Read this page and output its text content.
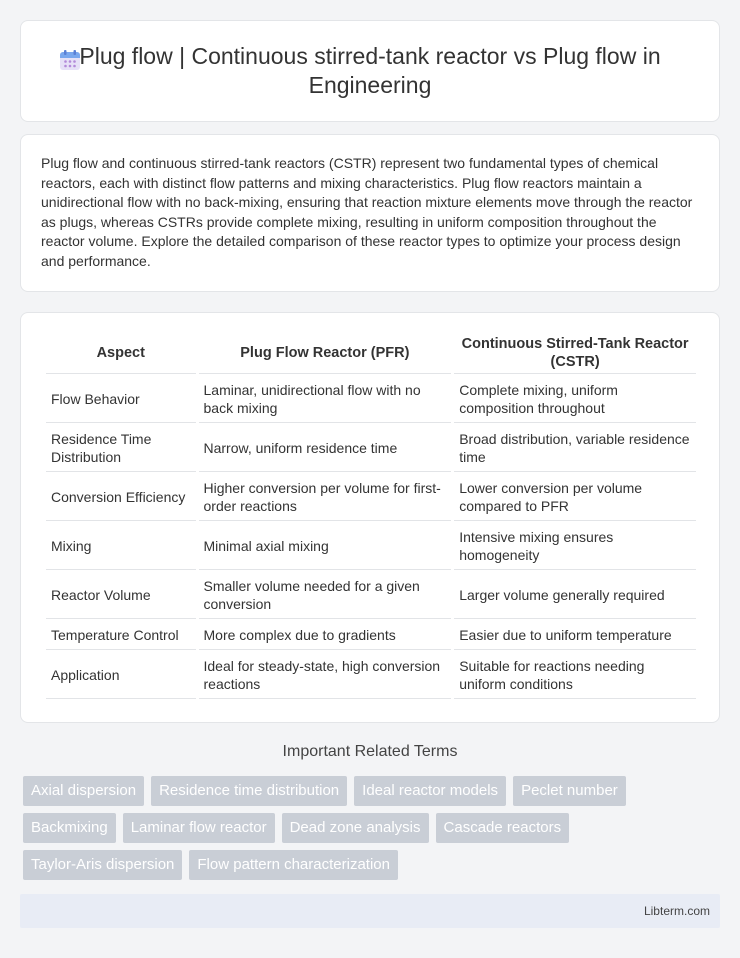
Plug flow | Continuous stirred-tank reactor vs Plug flow in Engineering

Plug flow and continuous stirred-tank reactors (CSTR) represent two fundamental types of chemical reactors, each with distinct flow patterns and mixing characteristics. Plug flow reactors maintain a unidirectional flow with no back-mixing, ensuring that reaction mixture elements move through the reactor as plugs, whereas CSTRs provide complete mixing, resulting in uniform composition throughout the reactor volume. Explore the detailed comparison of these reactor types to optimize your process design and performance.

Aspect	Plug Flow Reactor (PFR)	Continuous Stirred-Tank Reactor (CSTR)
Flow Behavior	Laminar, unidirectional flow with no back mixing	Complete mixing, uniform composition throughout
Residence Time Distribution	Narrow, uniform residence time	Broad distribution, variable residence time
Conversion Efficiency	Higher conversion per volume for first-order reactions	Lower conversion per volume compared to PFR
Mixing	Minimal axial mixing	Intensive mixing ensures homogeneity
Reactor Volume	Smaller volume needed for a given conversion	Larger volume generally required
Temperature Control	More complex due to gradients	Easier due to uniform temperature
Application	Ideal for steady-state, high conversion reactions	Suitable for reactions needing uniform conditions
Important Related Terms
Axial dispersion	Residence time distribution	Ideal reactor models	Peclet number
Backmixing	Laminar flow reactor	Dead zone analysis	Cascade reactors
Taylor-Aris dispersion	Flow pattern characterization
Libterm.com
